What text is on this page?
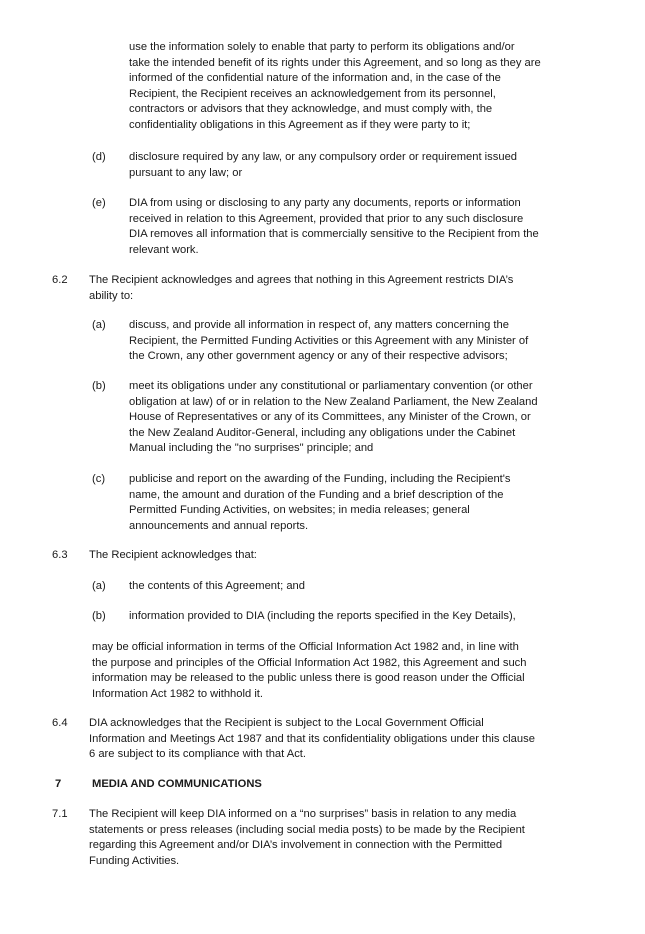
use the information solely to enable that party to perform its obligations and/or
take the intended benefit of its rights under this Agreement, and so long as they are
informed of the confidential nature of the information and, in the case of the
Recipient, the Recipient receives an acknowledgement from its personnel,
contractors or advisors that they acknowledge, and must comply with, the
confidentiality obligations in this Agreement as if they were party to it;
(d) disclosure required by any law, or any compulsory order or requirement issued
pursuant to any law; or
(e) DIA from using or disclosing to any party any documents, reports or information
received in relation to this Agreement, provided that prior to any such disclosure
DIA removes all information that is commercially sensitive to the Recipient from the
relevant work.
6.2 The Recipient acknowledges and agrees that nothing in this Agreement restricts DIA’s
ability to:
(a) discuss, and provide all information in respect of, any matters concerning the
Recipient, the Permitted Funding Activities or this Agreement with any Minister of
the Crown, any other government agency or any of their respective advisors;
(b) meet its obligations under any constitutional or parliamentary convention (or other
obligation at law) of or in relation to the New Zealand Parliament, the New Zealand
House of Representatives or any of its Committees, any Minister of the Crown, or
the New Zealand Auditor-General, including any obligations under the Cabinet
Manual including the "no surprises" principle; and
(c) publicise and report on the awarding of the Funding, including the Recipient's
name, the amount and duration of the Funding and a brief description of the
Permitted Funding Activities, on websites; in media releases; general
announcements and annual reports.
6.3 The Recipient acknowledges that:
(a) the contents of this Agreement; and
(b) information provided to DIA (including the reports specified in the Key Details),
may be official information in terms of the Official Information Act 1982 and, in line with
the purpose and principles of the Official Information Act 1982, this Agreement and such
information may be released to the public unless there is good reason under the Official
Information Act 1982 to withhold it.
6.4 DIA acknowledges that the Recipient is subject to the Local Government Official
Information and Meetings Act 1987 and that its confidentiality obligations under this clause
6 are subject to its compliance with that Act.
7	MEDIA AND COMMUNICATIONS
7.1 The Recipient will keep DIA informed on a “no surprises” basis in relation to any media
statements or press releases (including social media posts) to be made by the Recipient
regarding this Agreement and/or DIA’s involvement in connection with the Permitted
Funding Activities.
